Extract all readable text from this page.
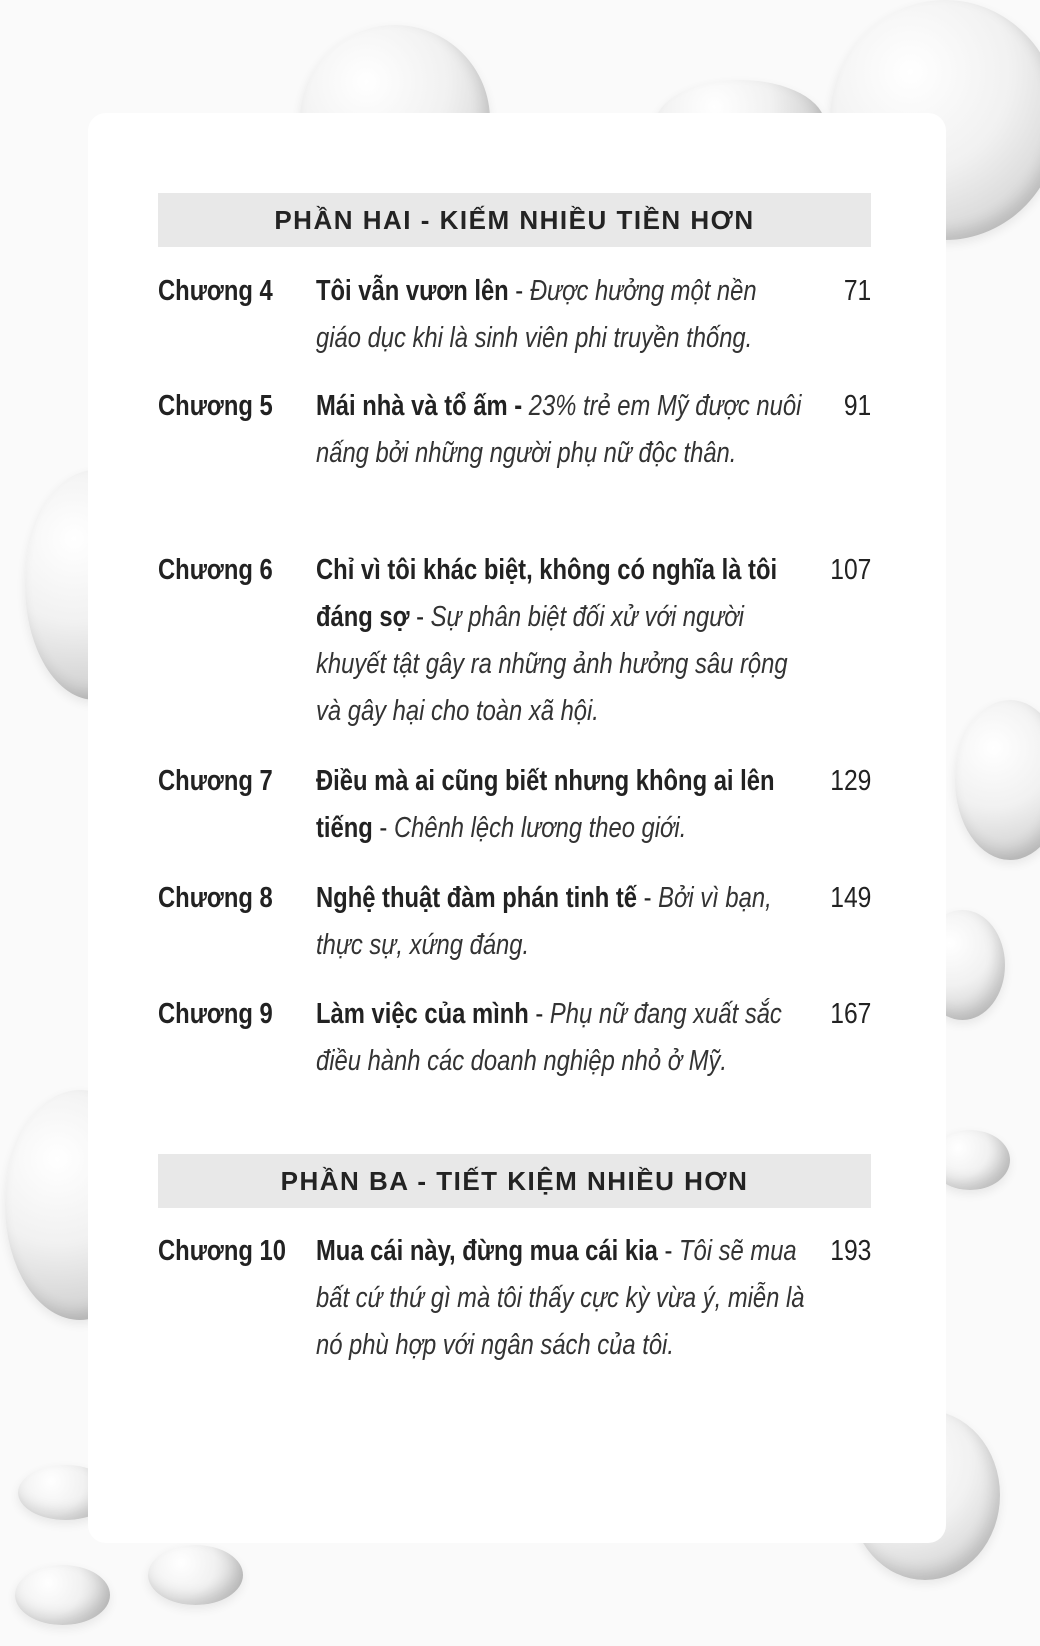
PHẦN HAI - KIẾM NHIỀU TIỀN HƠN
PHẦN BA - TIẾT KIỆM NHIỀU HƠN
Chương 4 Tôi vẫn vươn lên - Được hưởng một nền giáo dục khi là sinh viên phi truyền thống.
71
Chương 5 Mái nhà và tổ ấm - 23% trẻ em Mỹ được nuôi nấng bởi những người phụ nữ độc thân.
91
Chương 6 Chỉ vì tôi khác biệt, không có nghĩa là tôi đáng sợ - Sự phân biệt đối xử với người khuyết tật gây ra những ảnh hưởng sâu rộng và gây hại cho toàn xã hội.
107
Chương 7 Điều mà ai cũng biết nhưng không ai lên tiếng - Chênh lệch lương theo giới.
129
Chương 8 Nghệ thuật đàm phán tinh tế - Bởi vì bạn, thực sự, xứng đáng.
149
Chương 9 Làm việc của mình - Phụ nữ đang xuất sắc điều hành các doanh nghiệp nhỏ ở Mỹ.
167
Chương 10 Mua cái này, đừng mua cái kia - Tôi sẽ mua bất cứ thứ gì mà tôi thấy cực kỳ vừa ý, miễn là nó phù hợp với ngân sách của tôi.
193
